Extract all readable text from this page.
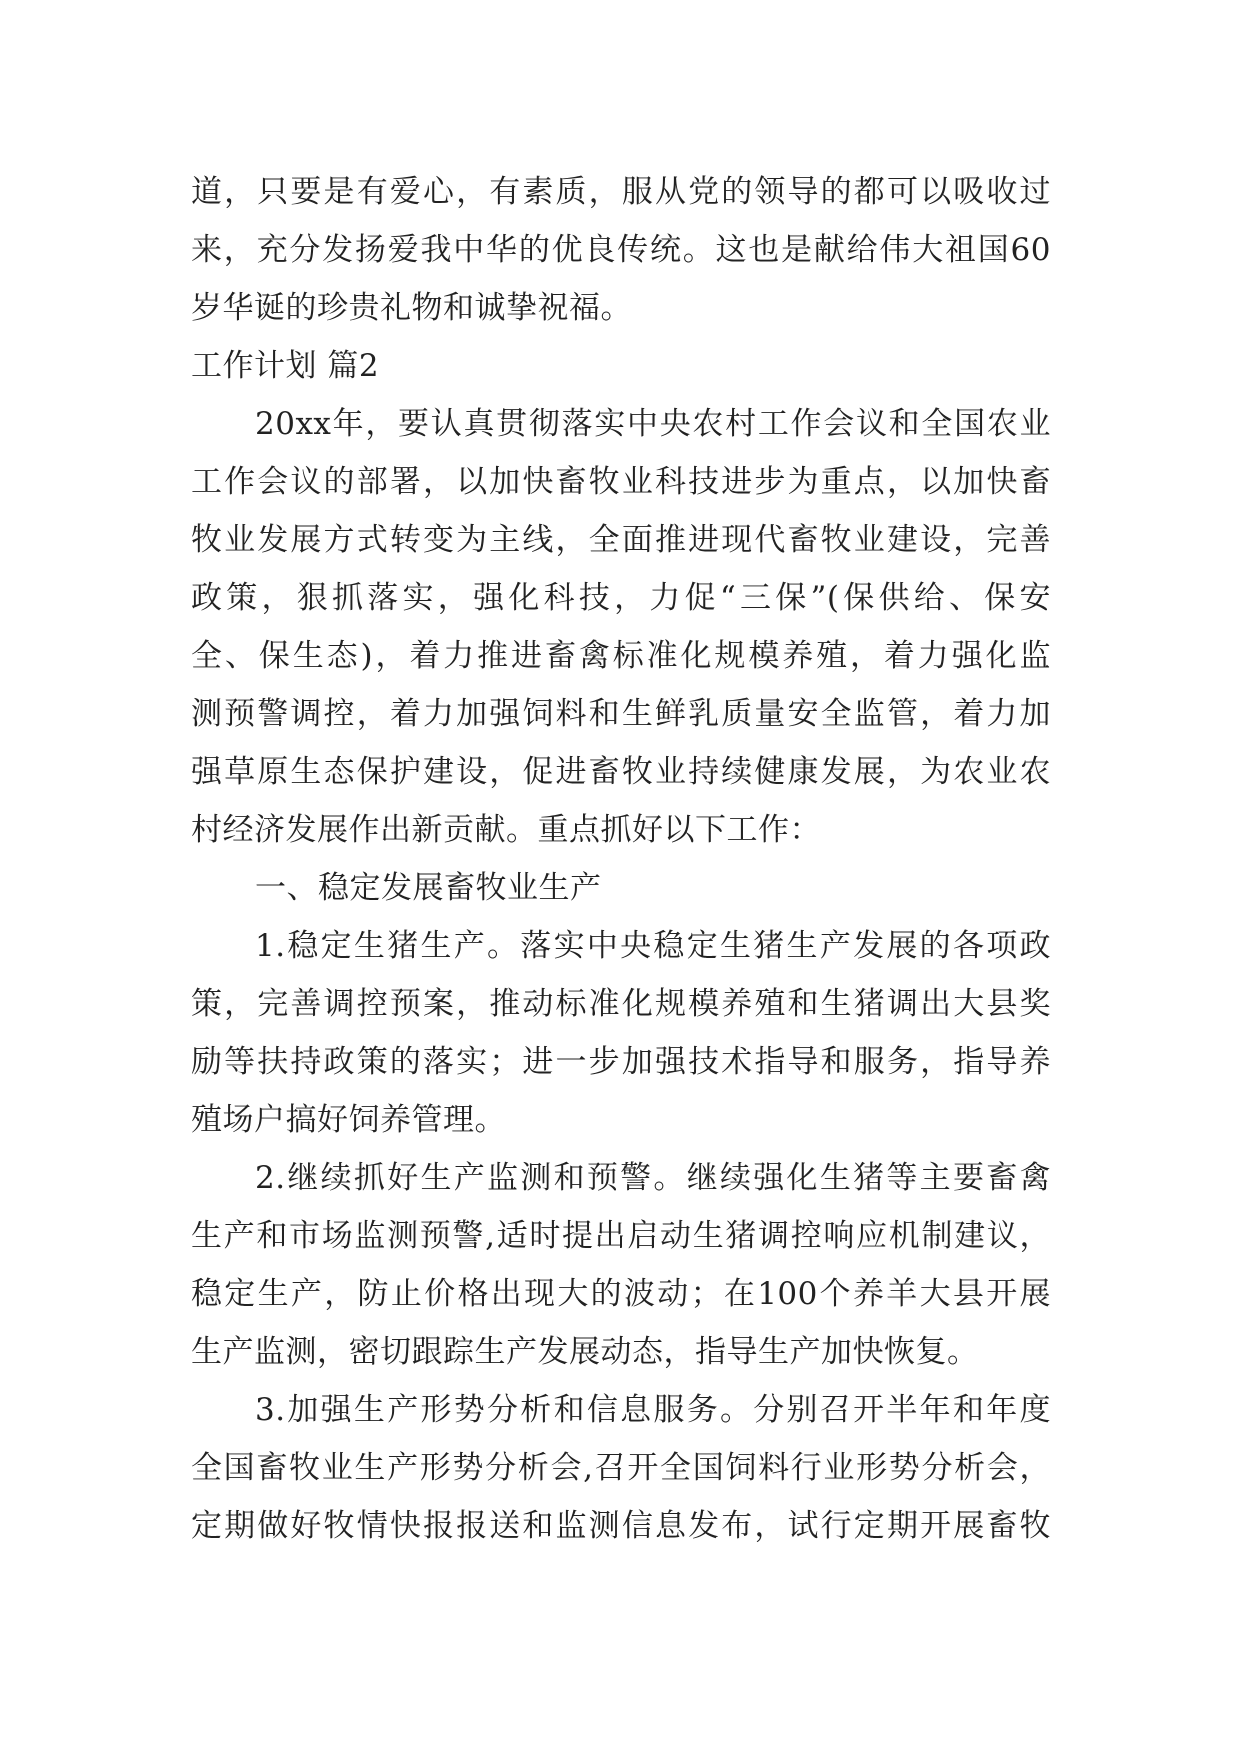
道，只要是有爱心，有素质，服从党的领导的都可以吸收过
来，充分发扬爱我中华的优良传统。这也是献给伟大祖国60
岁华诞的珍贵礼物和诚挚祝福。
工作计划 篇2
20xx年，要认真贯彻落实中央农村工作会议和全国农业
工作会议的部署，以加快畜牧业科技进步为重点，以加快畜
牧业发展方式转变为主线，全面推进现代畜牧业建设，完善
政策，狠抓落实，强化科技，力促“三保”(保供给、保安
全、保生态)，着力推进畜禽标准化规模养殖，着力强化监
测预警调控，着力加强饲料和生鲜乳质量安全监管，着力加
强草原生态保护建设，促进畜牧业持续健康发展，为农业农
村经济发展作出新贡献。重点抓好以下工作：
一、稳定发展畜牧业生产
1.稳定生猪生产。落实中央稳定生猪生产发展的各项政
策，完善调控预案，推动标准化规模养殖和生猪调出大县奖
励等扶持政策的落实；进一步加强技术指导和服务，指导养
殖场户搞好饲养管理。
2.继续抓好生产监测和预警。继续强化生猪等主要畜禽
生产和市场监测预警,适时提出启动生猪调控响应机制建议，
稳定生产，防止价格出现大的波动；在100个养羊大县开展
生产监测，密切跟踪生产发展动态，指导生产加快恢复。
3.加强生产形势分析和信息服务。分别召开半年和年度
全国畜牧业生产形势分析会,召开全国饲料行业形势分析会，
定期做好牧情快报报送和监测信息发布，试行定期开展畜牧
